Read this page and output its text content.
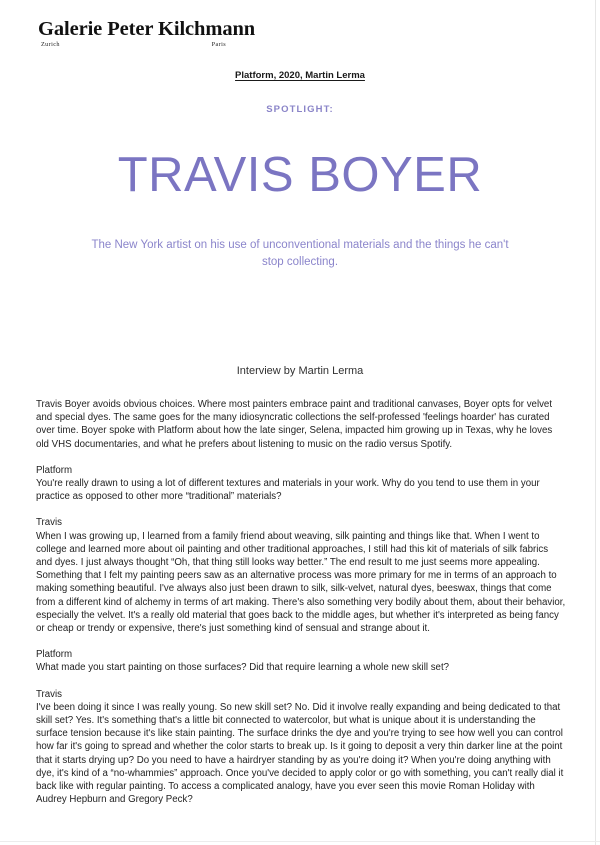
Galerie Peter Kilchmann
Zurich	Paris
Platform, 2020, Martin Lerma
SPOTLIGHT:
TRAVIS BOYER
The New York artist on his use of unconventional materials and the things he can't stop collecting.
Interview by Martin Lerma

Travis Boyer avoids obvious choices. Where most painters embrace paint and traditional canvases, Boyer opts for velvet and special dyes. The same goes for the many idiosyncratic collections the self-professed 'feelings hoarder' has curated over time. Boyer spoke with Platform about how the late singer, Selena, impacted him growing up in Texas, why he loves old VHS documentaries, and what he prefers about listening to music on the radio versus Spotify.

Platform

You're really drawn to using a lot of different textures and materials in your work. Why do you tend to use them in your practice as opposed to other more “traditional” materials?

Travis

When I was growing up, I learned from a family friend about weaving, silk painting and things like that. When I went to college and learned more about oil painting and other traditional approaches, I still had this kit of materials of silk fabrics and dyes. I just always thought “Oh, that thing still looks way better.” The end result to me just seems more appealing. Something that I felt my painting peers saw as an alternative process was more primary for me in terms of an approach to making something beautiful. I've always also just been drawn to silk, silk-velvet, natural dyes, beeswax, things that come from a different kind of alchemy in terms of art making. There's also something very bodily about them, about their behavior, especially the velvet. It's a really old material that goes back to the middle ages, but whether it's interpreted as being fancy or cheap or trendy or expensive, there's just something kind of sensual and strange about it.

Platform

What made you start painting on those surfaces? Did that require learning a whole new skill set?

Travis

I've been doing it since I was really young. So new skill set? No. Did it involve really expanding and being dedicated to that skill set? Yes. It's something that's a little bit connected to watercolor, but what is unique about it is understanding the surface tension because it's like stain painting. The surface drinks the dye and you're trying to see how well you can control how far it's going to spread and whether the color starts to break up. Is it going to deposit a very thin darker line at the point that it starts drying up? Do you need to have a hairdryer standing by as you're doing it? When you're doing anything with dye, it's kind of a “no-whammies” approach. Once you've decided to apply color or go with something, you can't really dial it back like with regular painting. To access a complicated analogy, have you ever seen this movie Roman Holiday with Audrey Hepburn and Gregory Peck?
